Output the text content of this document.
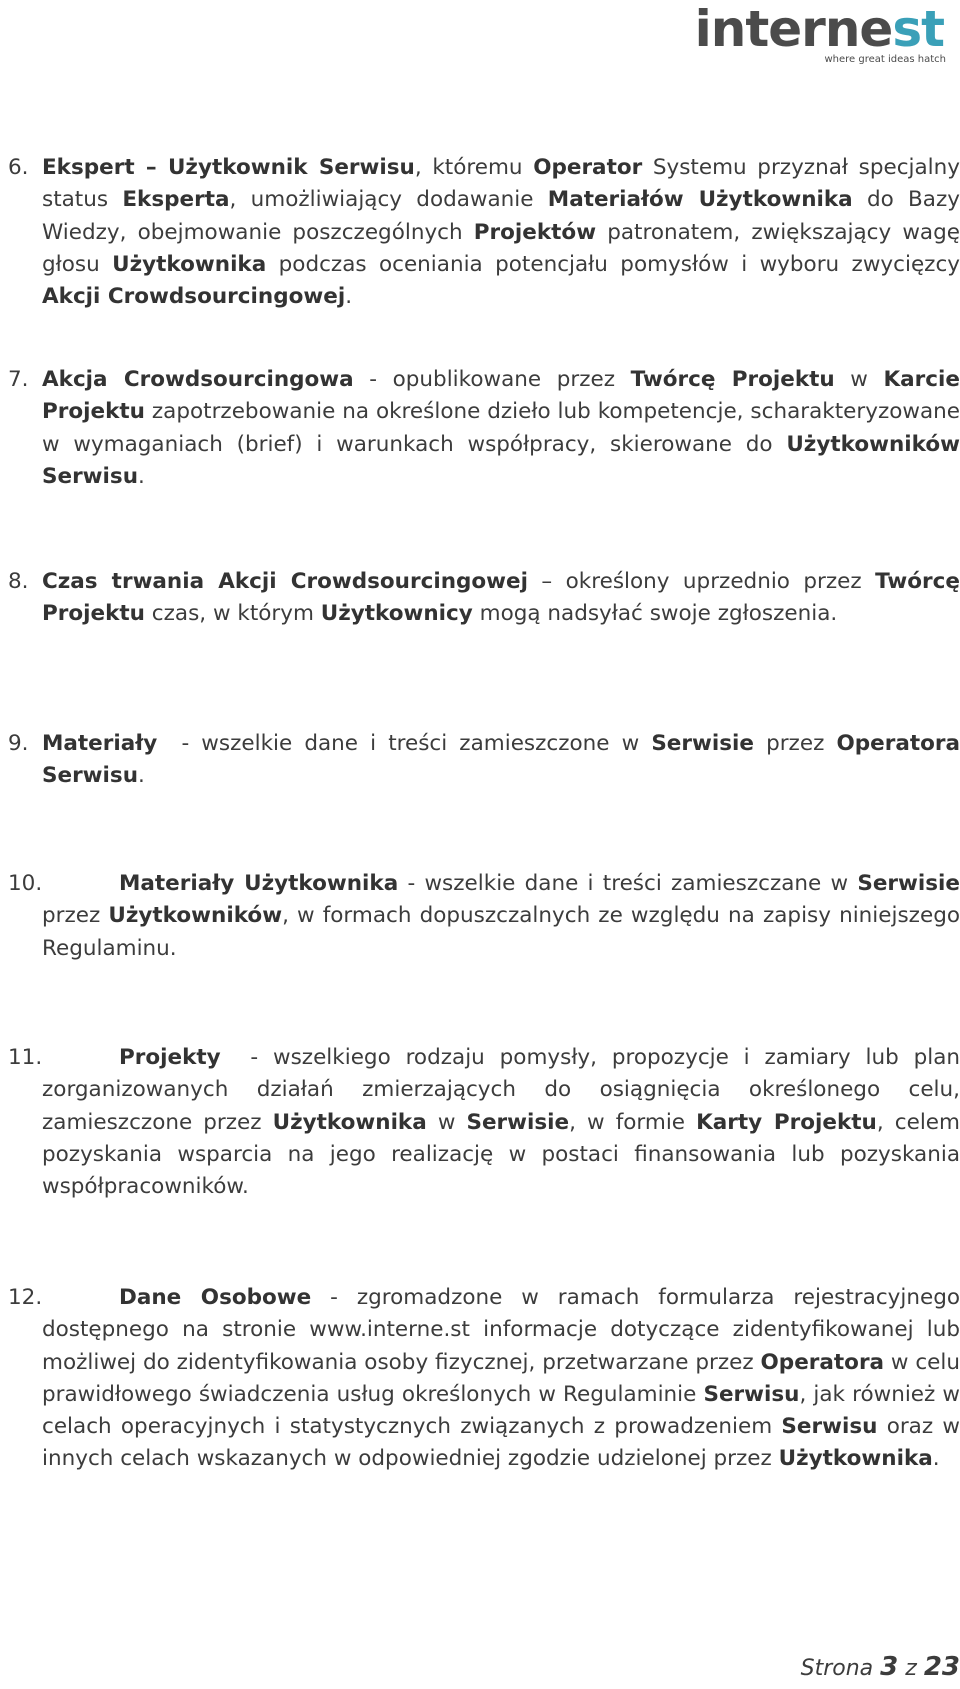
internest
where great ideas hatch
6. Ekspert – Użytkownik Serwisu, któremu Operator Systemu przyznał specjalny status Eksperta, umożliwiający dodawanie Materiałów Użytkownika do Bazy Wiedzy, obejmowanie poszczególnych Projektów patronatem, zwiększający wagę głosu Użytkownika podczas oceniania potencjału pomysłów i wyboru zwycięzcy Akcji Crowdsourcingowej.
7. Akcja Crowdsourcingowa - opublikowane przez Twórcę Projektu w Karcie Projektu zapotrzebowanie na określone dzieło lub kompetencje, scharakteryzowane w wymaganiach (brief) i warunkach współpracy, skierowane do Użytkowników Serwisu.
8. Czas trwania Akcji Crowdsourcingowej – określony uprzednio przez Twórcę Projektu czas, w którym Użytkownicy mogą nadsyłać swoje zgłoszenia.
9. Materiały  - wszelkie dane i treści zamieszczone w Serwisie przez Operatora Serwisu.
10.	Materiały Użytkownika - wszelkie dane i treści zamieszczane w Serwisie przez Użytkowników, w formach dopuszczalnych ze względu na zapisy niniejszego Regulaminu.
11.	Projekty  - wszelkiego rodzaju pomysły, propozycje i zamiary lub plan zorganizowanych działań zmierzających do osiągnięcia określonego celu, zamieszczone przez Użytkownika w Serwisie, w formie Karty Projektu, celem pozyskania wsparcia na jego realizację w postaci finansowania lub pozyskania współpracowników.
12.	Dane Osobowe - zgromadzone w ramach formularza rejestracyjnego dostępnego na stronie www.interne.st informacje dotyczące zidentyfikowanej lub możliwej do zidentyfikowania osoby fizycznej, przetwarzane przez Operatora w celu prawidłowego świadczenia usług określonych w Regulaminie Serwisu, jak również w celach operacyjnych i statystycznych związanych z prowadzeniem Serwisu oraz w innych celach wskazanych w odpowiedniej zgodzie udzielonej przez Użytkownika.
Strona 3 z 23
